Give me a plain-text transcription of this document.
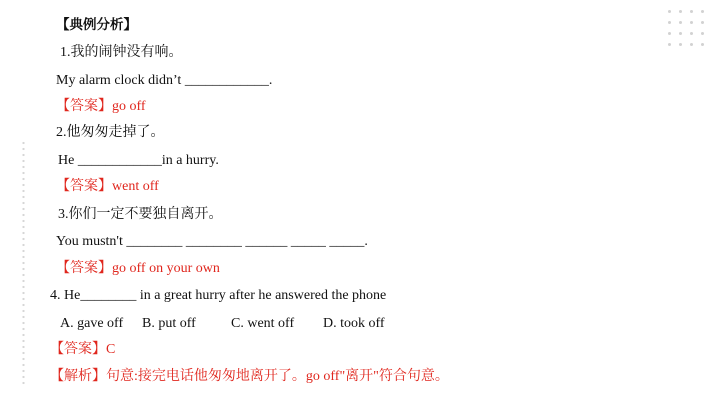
【典例分析】
1.我的闹钟没有响。
My alarm clock didn’t ____________.
【答案】go off
2.他匆匆走掉了。
He ____________in a hurry.
【答案】went off
3.你们一定不要独自离开。
You mustn't ________ ________ ______ _____ _____.
【答案】go off on your own
4. He________ in a great hurry after he answered the phone
A. gave off B. put off	C. went off D. took off
【答案】C
【解析】句意:接完电话他匆匆地离开了。go off"离开"符合句意。
